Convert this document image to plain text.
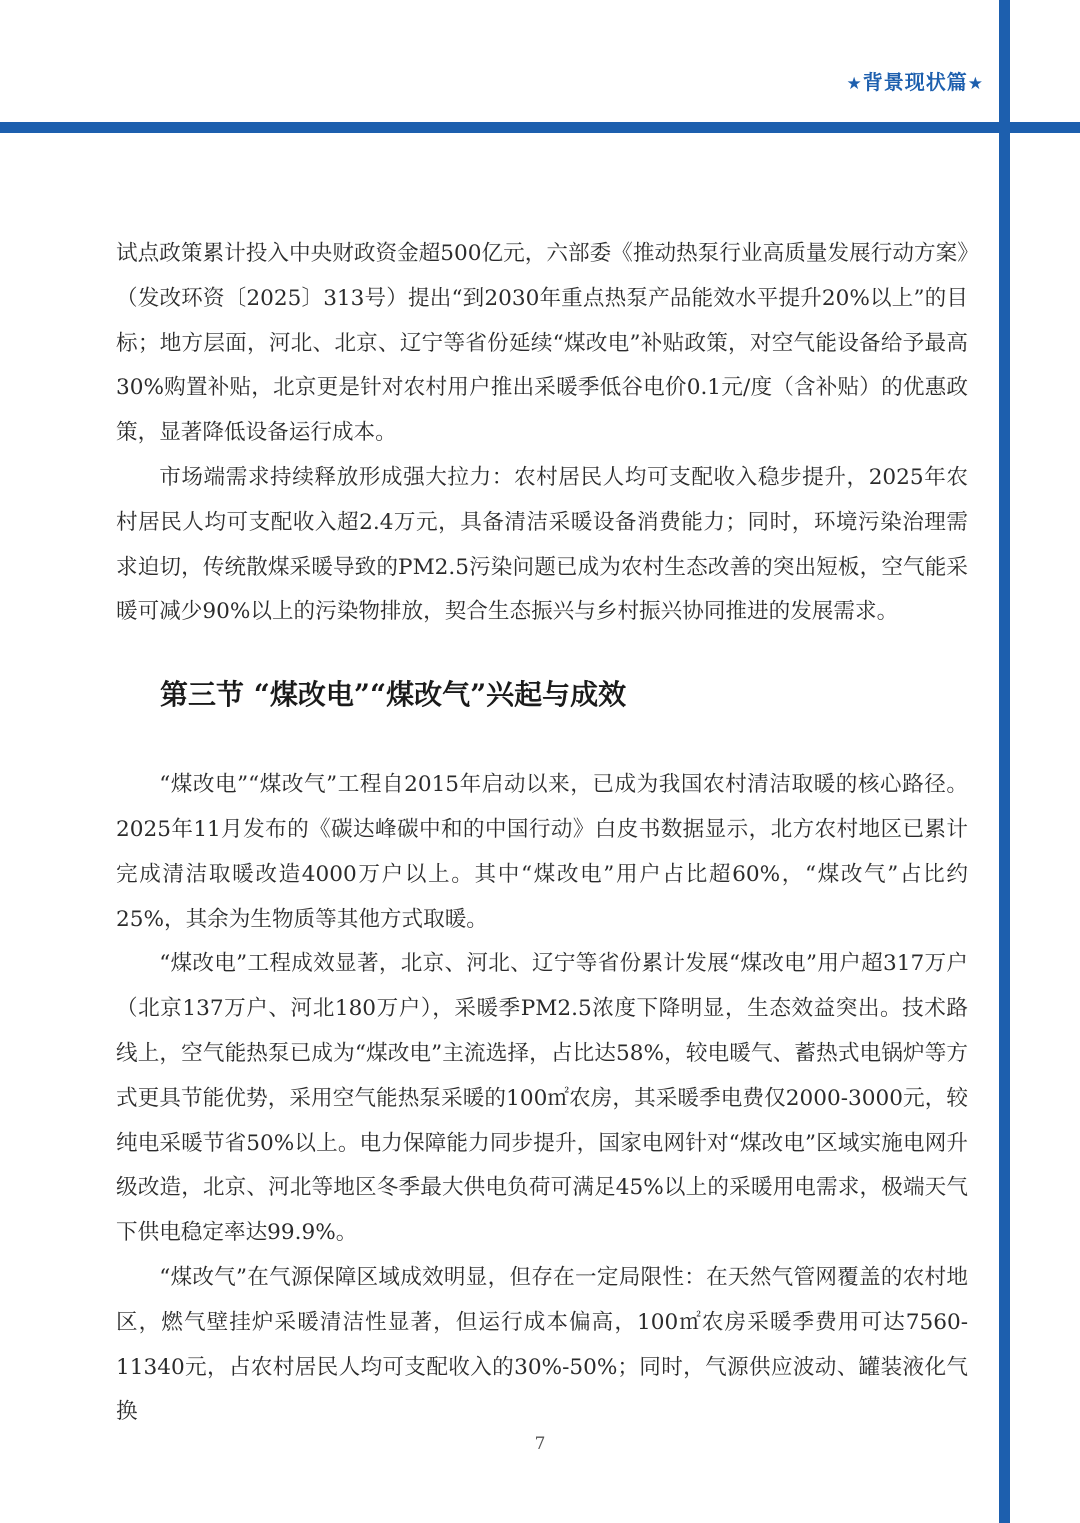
★背景现状篇★

试点政策累计投入中央财政资金超500亿元，六部委《推动热泵行业高质量发展行动方案》（发改环资〔2025〕313号）提出“到2030年重点热泵产品能效水平提升20%以上”的目标；地方层面，河北、北京、辽宁等省份延续“煤改电”补贴政策，对空气能设备给予最高30%购置补贴，北京更是针对农村用户推出采暖季低谷电价0.1元/度（含补贴）的优惠政策，显著降低设备运行成本。

市场端需求持续释放形成强大拉力：农村居民人均可支配收入稳步提升，2025年农村居民人均可支配收入超2.4万元，具备清洁采暖设备消费能力；同时，环境污染治理需求迫切，传统散煤采暖导致的PM2.5污染问题已成为农村生态改善的突出短板，空气能采暖可减少90%以上的污染物排放，契合生态振兴与乡村振兴协同推进的发展需求。

第三节 “煤改电”“煤改气”兴起与成效

“煤改电”“煤改气”工程自2015年启动以来，已成为我国农村清洁取暖的核心路径。2025年11月发布的《碳达峰碳中和的中国行动》白皮书数据显示，北方农村地区已累计完成清洁取暖改造4000万户以上。其中“煤改电”用户占比超60%，“煤改气”占比约25%，其余为生物质等其他方式取暖。

“煤改电”工程成效显著，北京、河北、辽宁等省份累计发展“煤改电”用户超317万户（北京137万户、河北180万户），采暖季PM2.5浓度下降明显，生态效益突出。技术路线上，空气能热泵已成为“煤改电”主流选择，占比达58%，较电暖气、蓄热式电锅炉等方式更具节能优势，采用空气能热泵采暖的100㎡农房，其采暖季电费仅2000-3000元，较纯电采暖节省50%以上。电力保障能力同步提升，国家电网针对“煤改电”区域实施电网升级改造，北京、河北等地区冬季最大供电负荷可满足45%以上的采暖用电需求，极端天气下供电稳定率达99.9%。

“煤改气”在气源保障区域成效明显，但存在一定局限性：在天然气管网覆盖的农村地区，燃气壁挂炉采暖清洁性显著，但运行成本偏高，100㎡农房采暖季费用可达7560-11340元，占农村居民人均可支配收入的30%-50%；同时，气源供应波动、罐装液化气换

7
